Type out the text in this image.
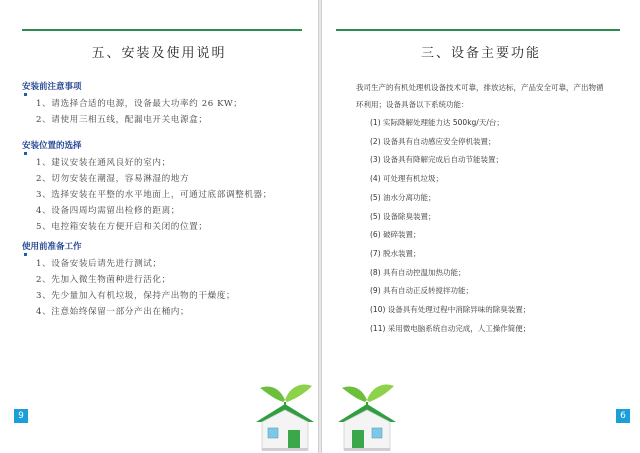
五、安装及使用说明
安装前注意事项
1、请选择合适的电源，设备最大功率约 26 KW；
2、请使用三相五线，配漏电开关电源盒；
安装位置的选择
1、建议安装在通风良好的室内；
2、切勿安装在潮湿，容易淋湿的地方
3、选择安装在平整的水平地面上，可通过底部调整机器；
4、设备四周均需留出检修的距离；
5、电控箱安装在方便开启和关闭的位置；
使用前准备工作
1、设备安装后请先进行测试；
2、先加入微生物菌种进行活化；
3、先少量加入有机垃圾，保持产出物的干燥度；
4、注意始终保留一部分产出在桶内；
9
三、设备主要功能
我司生产的有机处理机设备技术可靠，排放达标，产品安全可靠，产出物循环利用；设备具备以下系统功能：
(1) 实际降解处理能力达 500kg/天/台；
(2) 设备具有自动感应安全停机装置；
(3) 设备具有降解完成后自动节能装置；
(4) 可处理有机垃圾；
(5) 油水分离功能；
(5) 设备除臭装置；
(6) 破碎装置；
(7) 脱水装置；
(8) 具有自动控温加热功能；
(9) 具有自动正反转搅拌功能；
(10) 设备具有处理过程中消除异味的除臭装置；
(11) 采用微电脑系统自动完成，人工操作简便；
6
